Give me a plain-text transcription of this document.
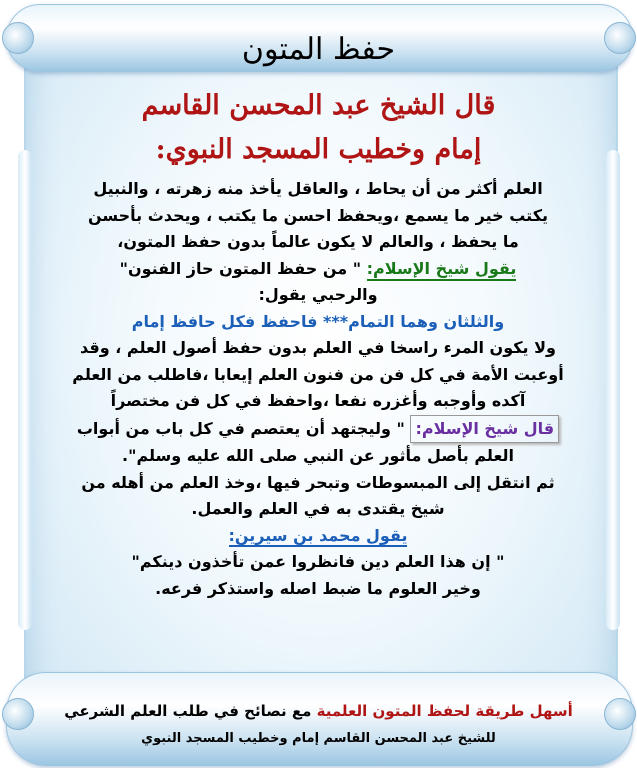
حفظ المتون
قال الشيخ عبد المحسن القاسم
إمام وخطيب المسجد النبوي:

العلم أكثر من أن يحاط ، والعاقل يأخذ منه زهرته ، والنبيل

يكتب خير ما يسمع ،ويحفظ احسن ما يكتب ، ويحدث بأحسن

ما يحفظ ، والعالم لا يكون عالماً بدون حفظ المتون،

يقول شيخ الإسلام: " من حفظ المتون حاز الفنون"

والرحبي يقول:

والثلثان وهما التمام*** فاحفظ فكل حافظ إمام

ولا يكون المرء راسخا في العلم بدون حفظ أصول العلم ، وقد

أوعبت الأمة في كل فن من فنون العلم إيعابا ،فاطلب من العلم

آكده وأوجبه وأغزره نفعا ،واحفظ في كل فن مختصراً

قال شيخ الإسلام: " وليجتهد أن يعتصم في كل باب من أبواب

العلم بأصل مأثور عن النبي صلى الله عليه وسلم".

ثم انتقل إلى المبسوطات وتبحر فيها ،وخذ العلم من أهله من

شيخ يقتدى به في العلم والعمل.

يقول محمد بن سيرين:

" إن هذا العلم دين فانظروا عمن تأخذون دينكم"

وخير العلوم ما ضبط اصله واستذكر فرعه.

أسهل طريقة لحفظ المتون العلمية مع نصائح في طلب العلم الشرعي
للشيخ عبد المحسن القاسم إمام وخطيب المسجد النبوي
